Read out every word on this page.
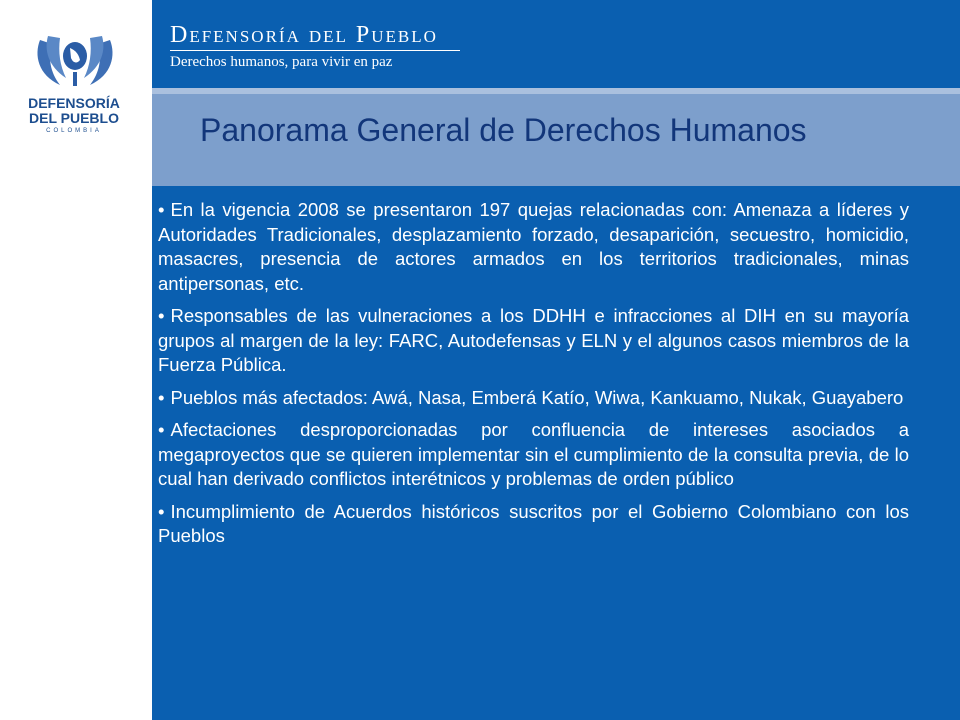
DEFENSORÍA
DEL PUEBLO
COLOMBIA
Defensoría del Pueblo
Derechos humanos, para vivir en paz
Panorama General de Derechos Humanos

• En la vigencia 2008 se presentaron 197 quejas relacionadas con: Amenaza a líderes y Autoridades Tradicionales, desplazamiento forzado, desaparición, secuestro, homicidio, masacres, presencia de actores armados en los territorios tradicionales, minas antipersonas, etc.

• Responsables de las vulneraciones a los DDHH e infracciones al DIH en su mayoría grupos al margen de la ley: FARC, Autodefensas y ELN y el algunos casos miembros de la Fuerza Pública.

• Pueblos más afectados: Awá, Nasa, Emberá Katío, Wiwa, Kankuamo, Nukak, Guayabero

• Afectaciones desproporcionadas por confluencia de intereses asociados a megaproyectos que se quieren implementar sin el cumplimiento de la consulta previa, de lo cual han derivado conflictos interétnicos y problemas de orden público

• Incumplimiento de Acuerdos históricos suscritos por el Gobierno Colombiano con los Pueblos
